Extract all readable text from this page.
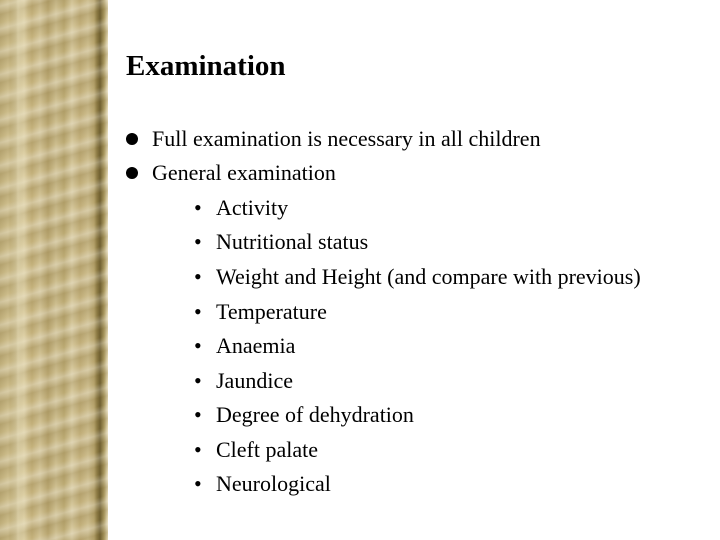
Examination
Full examination is necessary in all children
General examination
• Activity
• Nutritional status
• Weight and Height (and compare with previous)
• Temperature
• Anaemia
• Jaundice
• Degree of dehydration
• Cleft palate
• Neurological
